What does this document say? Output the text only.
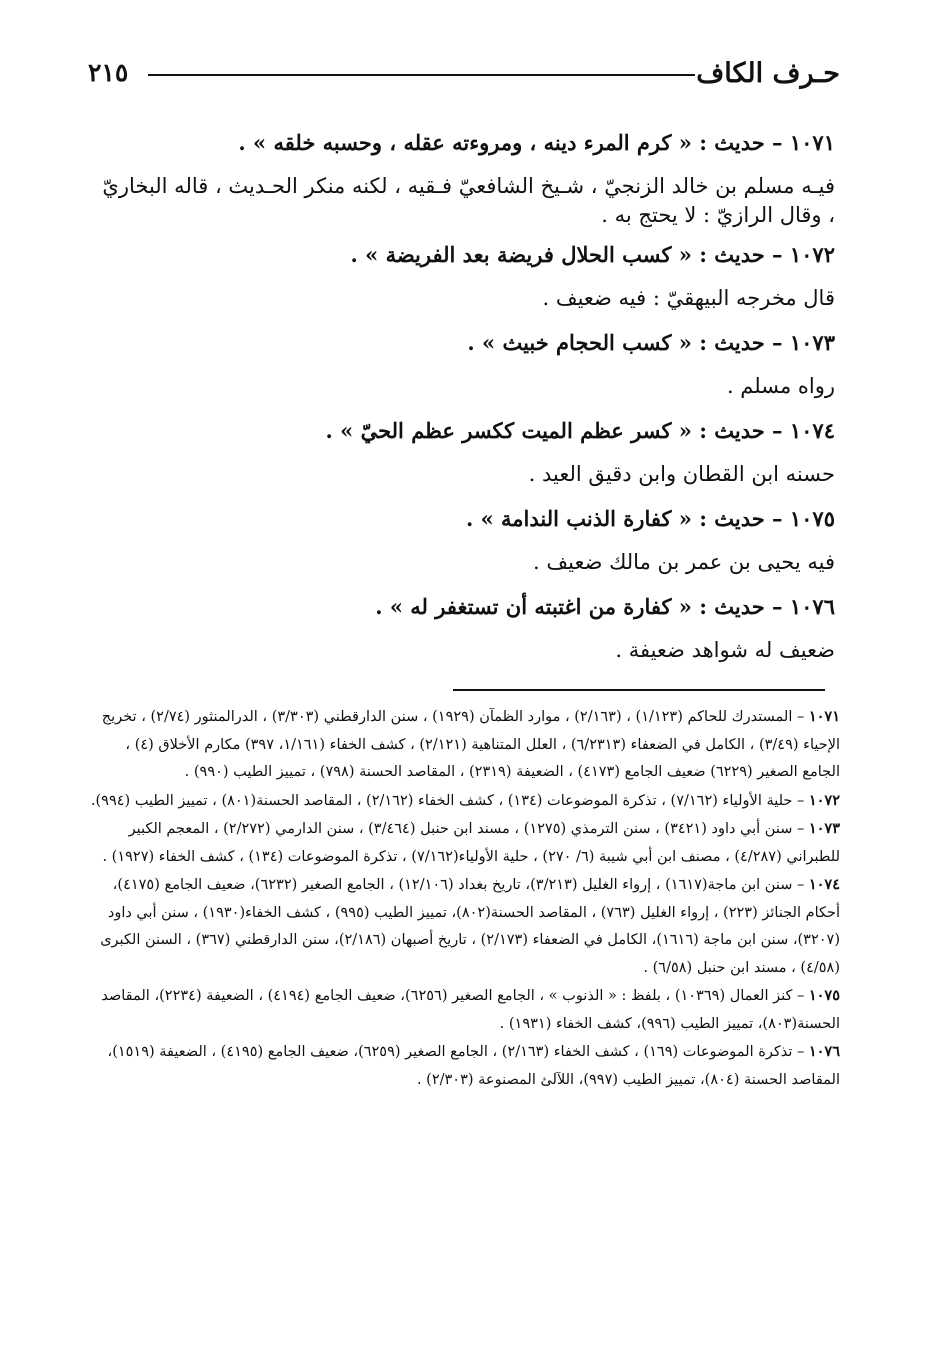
حـرف الكاف
٢١٥

١٠٧١ – حديث : « كرم المرء دينه ، ومروءته عقله ، وحسبه خلقه » .

فيـه مسلم بن خالد الزنجيّ ، شـيخ الشافعيّ فـقيه ، لكنه منكر الحـديث ، قاله البخاريّ ، وقال الرازيّ : لا يحتج به .

١٠٧٢ – حديث : « كسب الحلال فريضة بعد الفريضة » .

قال مخرجه البيهقيّ : فيه ضعيف .

١٠٧٣ – حديث : « كسب الحجام خبيث » .

رواه مسلم .

١٠٧٤ – حديث : « كسر عظم الميت ككسر عظم الحيّ » .

حسنه ابن القطان وابن دقيق العيد .

١٠٧٥ – حديث : « كفارة الذنب الندامة » .

فيه يحيى بن عمر بن مالك ضعيف .

١٠٧٦ – حديث : « كفارة من اغتبته أن تستغفر له » .

ضعيف له شواهد ضعيفة .

١٠٧١ – المستدرك للحاكم (١/١٢٣) ، (٢/١٦٣) ، موارد الظمآن (١٩٢٩) ، سنن الدارقطني (٣/٣٠٣) ، الدرالمنثور (٢/٧٤) ، تخريج الإحياء (٣/٤٩) ، الكامل في الضعفاء (٦/٢٣١٣) ، العلل المتناهية (٢/١٢١) ، كشف الخفاء (١/١٦١، ٣٩٧) مكارم الأخلاق (٤) ، الجامع الصغير (٦٢٢٩) ضعيف الجامع (٤١٧٣) ، الضعيفة (٢٣١٩) ، المقاصد الحسنة (٧٩٨) ، تمييز الطيب (٩٩٠) .

١٠٧٢ – حلية الأولياء (٧/١٦٢) ، تذكرة الموضوعات (١٣٤) ، كشف الخفاء (٢/١٦٢) ، المقاصد الحسنة(٨٠١) ، تمييز الطيب (٩٩٤).

١٠٧٣ – سنن أبي داود (٣٤٢١) ، سنن الترمذي (١٢٧٥) ، مسند ابن حنبل (٣/٤٦٤) ، سنن الدارمي (٢/٢٧٢) ، المعجم الكبير للطبراني (٤/٢٨٧) ، مصنف ابن أبي شيبة (٦/ ٢٧٠) ، حلية الأولياء(٧/١٦٢) ، تذكرة الموضوعات (١٣٤) ، كشف الخفاء (١٩٢٧) .

١٠٧٤ – سنن ابن ماجة(١٦١٧) ، إرواء الغليل (٣/٢١٣)، تاريخ بغداد (١٢/١٠٦) ، الجامع الصغير (٦٢٣٢)، ضعيف الجامع (٤١٧٥)، أحكام الجنائز (٢٢٣) ، إرواء الغليل (٧٦٣) ، المقاصد الحسنة(٨٠٢)، تمييز الطيب (٩٩٥) ، كشف الخفاء(١٩٣٠) ، سنن أبي داود (٣٢٠٧)، سنن ابن ماجة (١٦١٦)، الكامل في الضعفاء (٢/١٧٣) ، تاريخ أصبهان (٢/١٨٦)، سنن الدارقطني (٣٦٧) ، السنن الكبرى (٤/٥٨) ، مسند ابن حنبل (٦/٥٨) .

١٠٧٥ – كنز العمال (١٠٣٦٩) ، بلفظ : « الذنوب » ، الجامع الصغير (٦٢٥٦)، ضعيف الجامع (٤١٩٤) ، الضعيفة (٢٢٣٤)، المقاصد الحسنة(٨٠٣)، تمييز الطيب (٩٩٦)، كشف الخفاء (١٩٣١) .

١٠٧٦ – تذكرة الموضوعات (١٦٩) ، كشف الخفاء (٢/١٦٣) ، الجامع الصغير (٦٢٥٩)، ضعيف الجامع (٤١٩٥) ، الضعيفة (١٥١٩)، المقاصد الحسنة (٨٠٤)، تمييز الطيب (٩٩٧)، اللآلئ المصنوعة (٢/٣٠٣) .
